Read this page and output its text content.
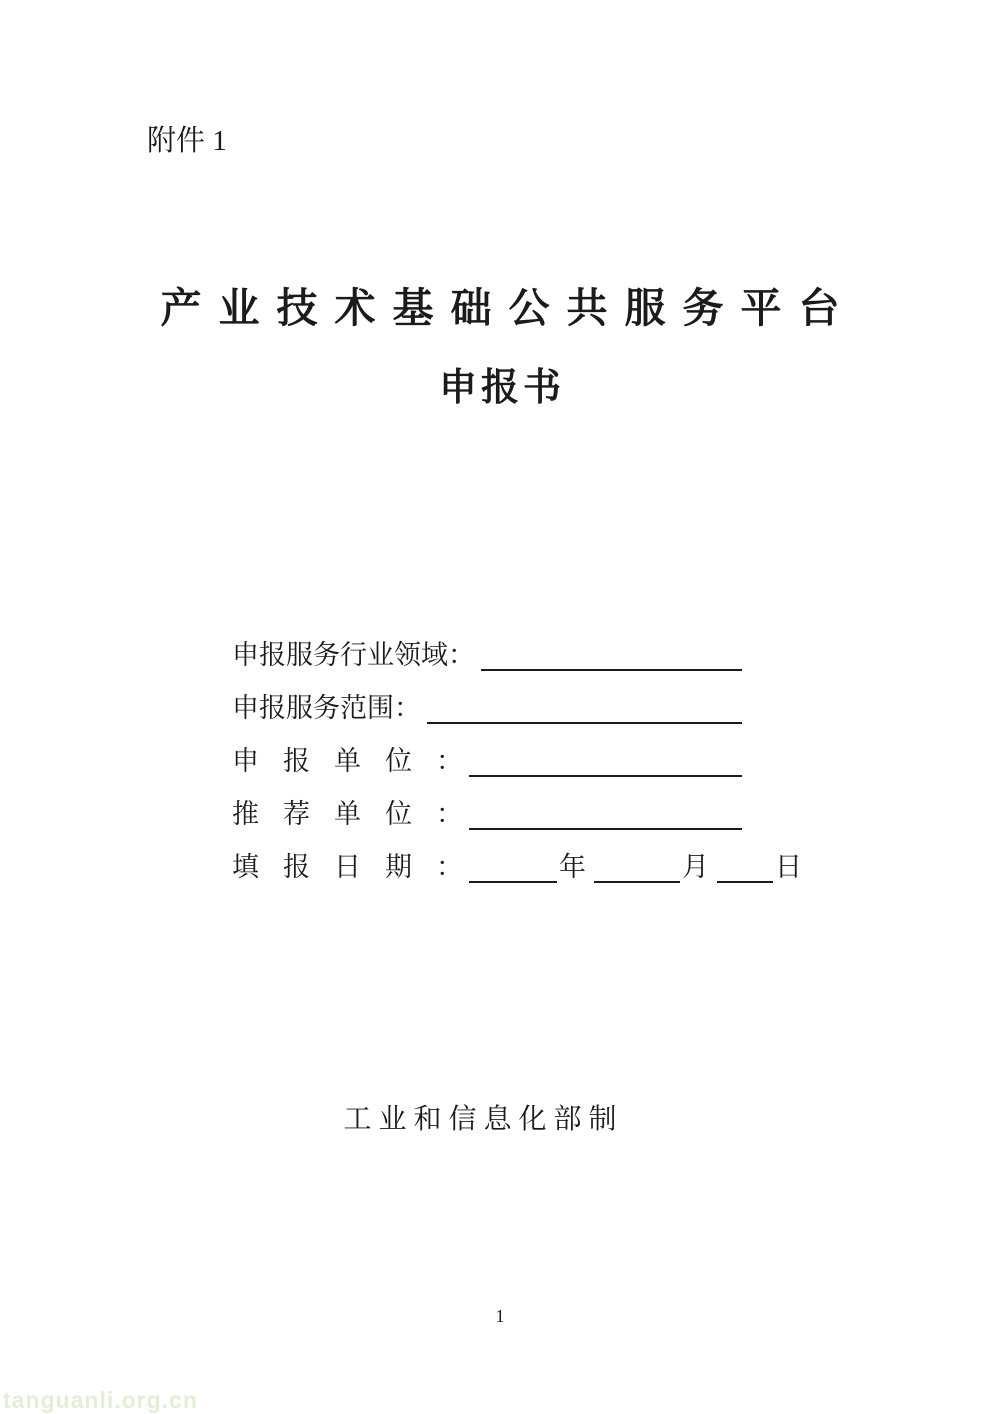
附件 1
产业技术基础公共服务平台
申报书
申报服务行业领域：
申报服务范围：
申报单位：
推荐单位：
填报日期：	年	月 日
工业和信息化部制
1
tanguanli.org.cn
